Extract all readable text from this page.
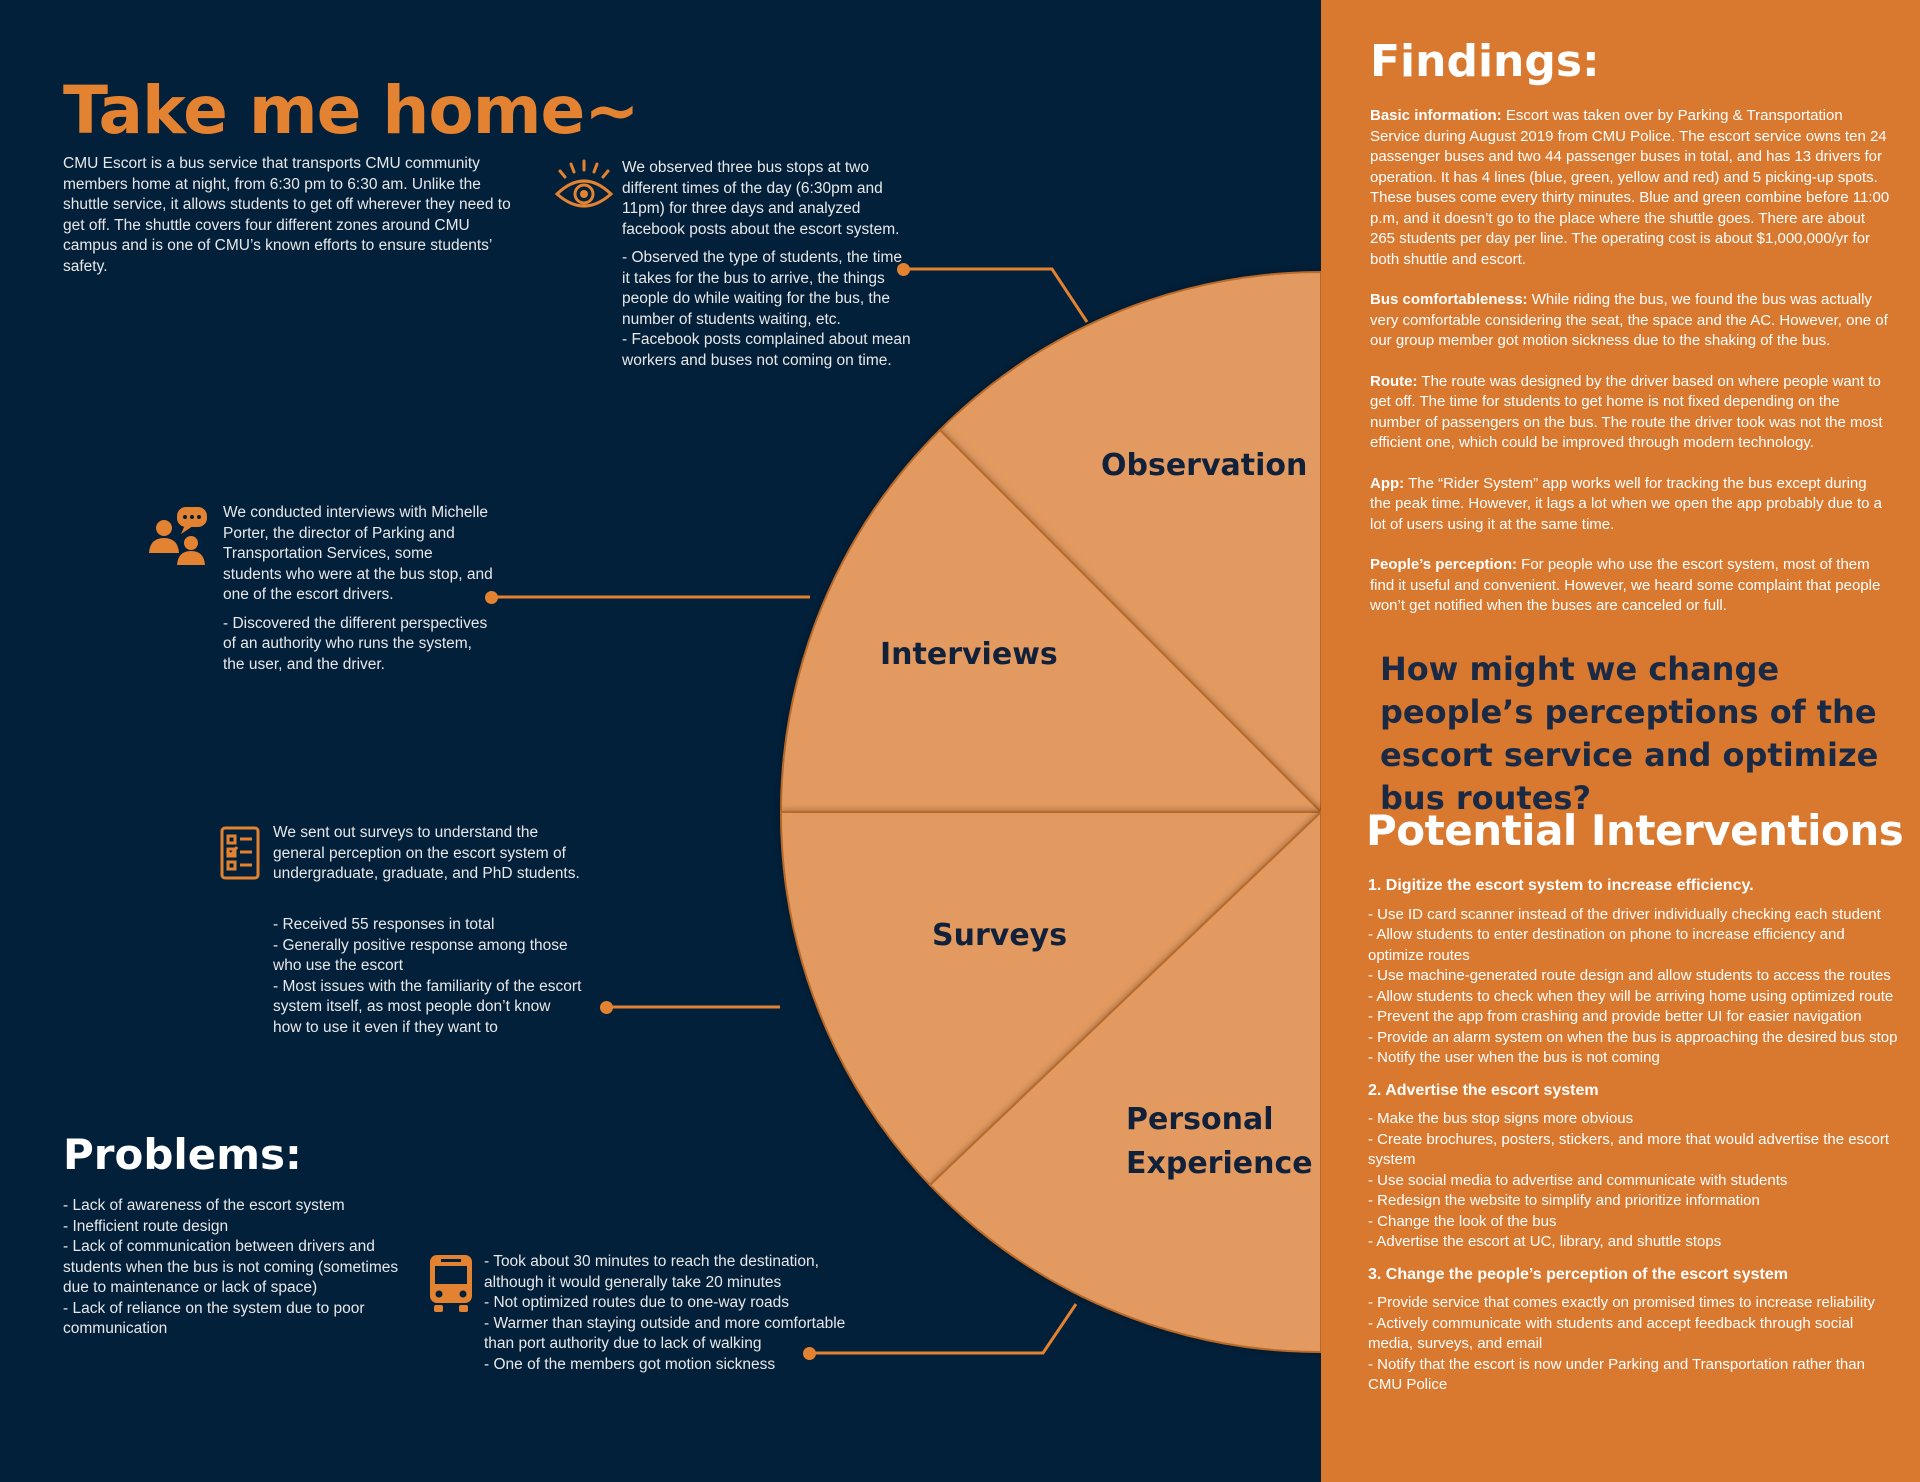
Observation
Interviews
Surveys
Personal
Experience
Take me home~
CMU Escort is a bus service that transports CMU community members home at night, from 6:30 pm to 6:30 am. Unlike the shuttle service, it allows students to get off wherever they need to get off. The shuttle covers four different zones around CMU campus and is one of CMU’s known efforts to ensure students’ safety.

We observed three bus stops at two different times of the day (6:30pm and 11pm) for three days and analyzed facebook posts about the escort system.

- Observed the type of students, the time it takes for the bus to arrive, the things people do while waiting for the bus, the number of students waiting, etc.
- Facebook posts complained about mean workers and buses not coming on time.

We conducted interviews with Michelle Porter, the director of Parking and Transportation Services, some students who were at the bus stop, and one of the escort drivers.

- Discovered the different perspectives of an authority who runs the system, the user, and the driver.

We sent out surveys to understand the general perception on the escort system of undergraduate, graduate, and PhD students.
- Received 55 responses in total
- Generally positive response among those who use the escort
- Most issues with the familiarity of the escort system itself, as most people don’t know how to use it even if they want to
Problems:
- Lack of awareness of the escort system
- Inefficient route design
- Lack of communication between drivers and students when the bus is not coming (sometimes due to maintenance or lack of space)
- Lack of reliance on the system due to poor communication
- Took about 30 minutes to reach the destination, although it would generally take 20 minutes
- Not optimized routes due to one-way roads
- Warmer than staying outside and more comfortable than port authority due to lack of walking
- One of the members got motion sickness
Findings:

Basic information: Escort was taken over by Parking & Transportation Service during August 2019 from CMU Police. The escort service owns ten 24 passenger buses and two 44 passenger buses in total, and has 13 drivers for operation. It has 4 lines (blue, green, yellow and red) and 5 picking-up spots. These buses come every thirty minutes. Blue and green combine before 11:00 p.m, and it doesn’t go to the place where the shuttle goes. There are about 265 students per day per line. The operating cost is about $1,000,000/yr for both shuttle and escort.

Bus comfortableness: While riding the bus, we found the bus was actually very comfortable considering the seat, the space and the AC. However, one of our group member got motion sickness due to the shaking of the bus.

Route: The route was designed by the driver based on where people want to get off. The time for students to get home is not fixed depending on the number of passengers on the bus. The route the driver took was not the most efficient one, which could be improved through modern technology.

App: The “Rider System” app works well for tracking the bus except during the peak time. However, it lags a lot when we open the app probably due to a lot of users using it at the same time.

People’s perception: For people who use the escort system, most of them find it useful and convenient. However, we heard some complaint that people won’t get notified when the buses are canceled or full.

How might we change people’s perceptions of the escort service and optimize bus routes?
Potential Interventions
1. Digitize the escort system to increase efficiency.
- Use ID card scanner instead of the driver individually checking each student
- Allow students to enter destination on phone to increase efficiency and optimize routes
- Use machine-generated route design and allow students to access the routes
- Allow students to check when they will be arriving home using optimized route
- Prevent the app from crashing and provide better UI for easier navigation
- Provide an alarm system on when the bus is approaching the desired bus stop
- Notify the user when the bus is not coming
2. Advertise the escort system
- Make the bus stop signs more obvious
- Create brochures, posters, stickers, and more that would advertise the escort system
- Use social media to advertise and communicate with students
- Redesign the website to simplify and prioritize information
- Change the look of the bus
- Advertise the escort at UC, library, and shuttle stops
3. Change the people’s perception of the escort system
- Provide service that comes exactly on promised times to increase reliability
- Actively communicate with students and accept feedback through social media, surveys, and email
- Notify that the escort is now under Parking and Transportation rather than CMU Police
